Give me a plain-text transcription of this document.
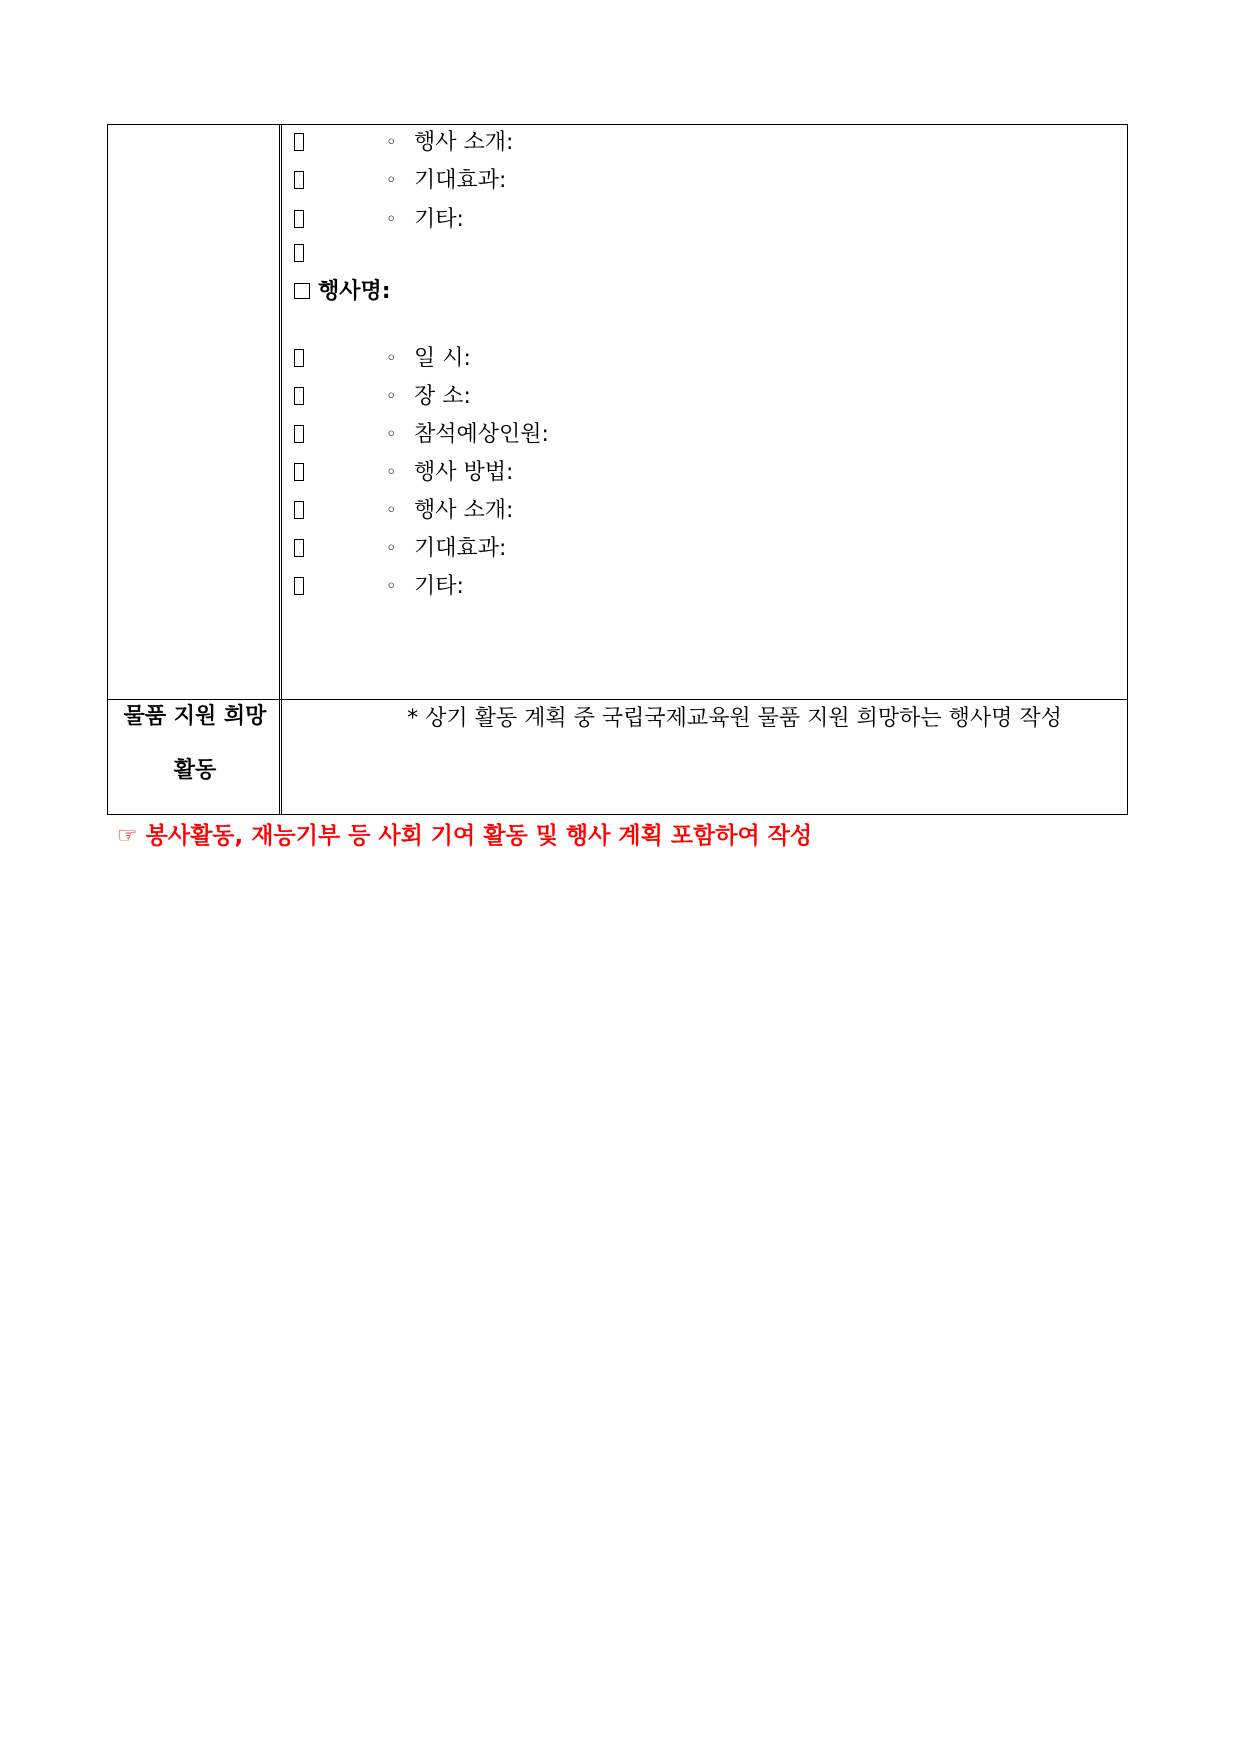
◦ 행사 소개:
◦ 기대효과:
◦ 기타:
행사명:
◦ 일 시:
◦ 장 소:
◦ 참석예상인원:
◦ 행사 방법:
◦ 행사 소개:
◦ 기대효과:
◦ 기타:
물품 지원 희망
활동
* 상기 활동 계획 중 국립국제교육원 물품 지원 희망하는 행사명 작성
☞ 봉사활동, 재능기부 등 사회 기여 활동 및 행사 계획 포함하여 작성
